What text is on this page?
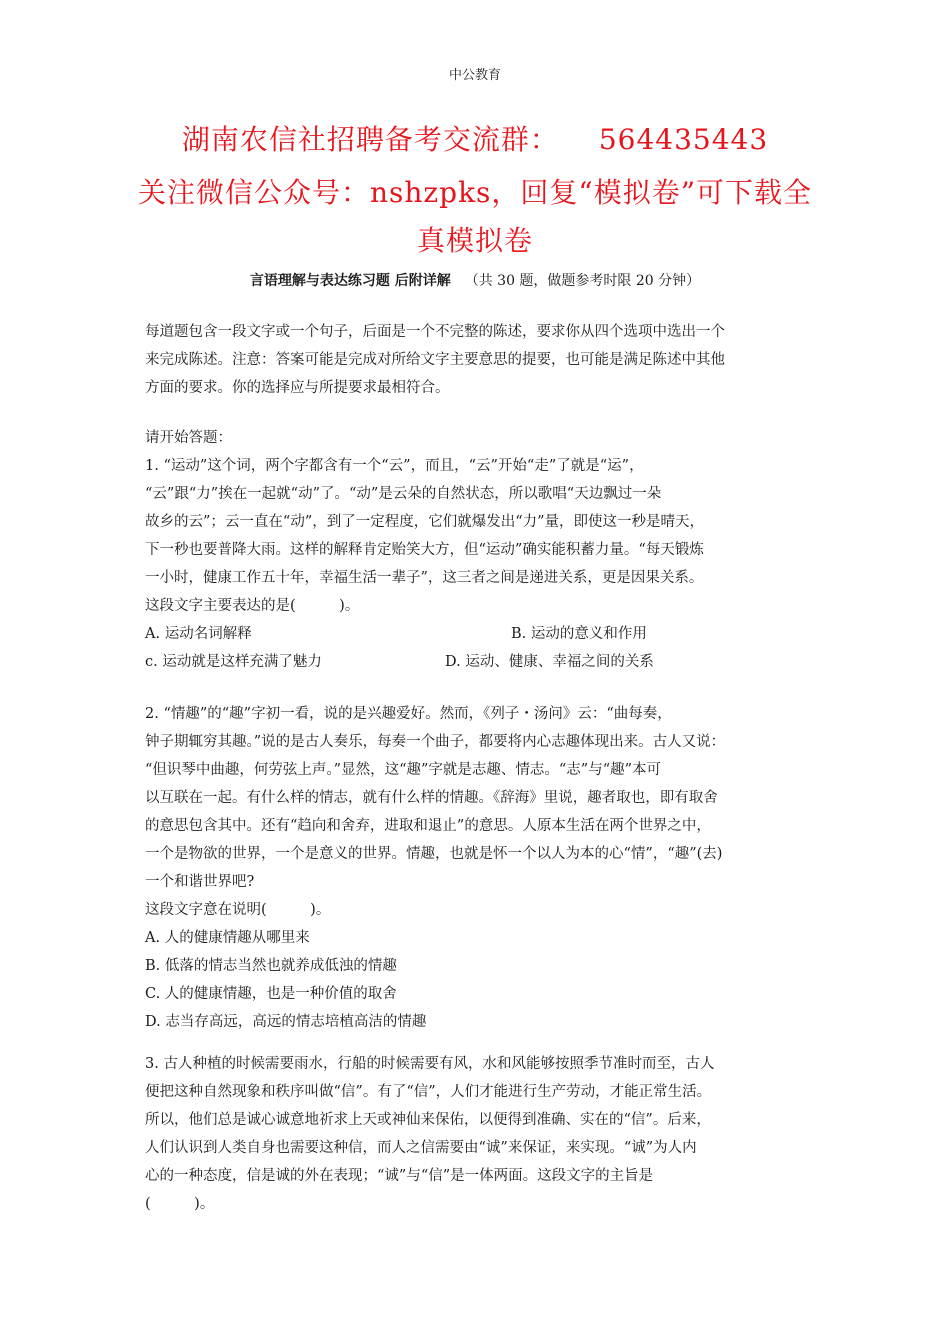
中公教育
湖南农信社招聘备考交流群： 564435443
关注微信公众号：nshzpks，回复“模拟卷”可下载全
真模拟卷
言语理解与表达练习题 后附详解 （共 30 题，做题参考时限 20 分钟）

每道题包含一段文字或一个句子，后面是一个不完整的陈述，要求你从四个选项中选出一个

来完成陈述。注意：答案可能是完成对所给文字主要意思的提要，也可能是满足陈述中其他

方面的要求。你的选择应与所提要求最相符合。

请开始答题：

1. “运动”这个词，两个字都含有一个“云”，而且，“云”开始“走”了就是“运”，

“云”跟“力”挨在一起就“动”了。“动”是云朵的自然状态，所以歌唱“天边飘过一朵

故乡的云”；云一直在“动”，到了一定程度，它们就爆发出“力”量，即使这一秒是晴天，

下一秒也要普降大雨。这样的解释肯定贻笑大方，但“运动”确实能积蓄力量。“每天锻炼

一小时，健康工作五十年，幸福生活一辈子”，这三者之间是递进关系，更是因果关系。

这段文字主要表达的是(　　　)。

A. 运动名词解释	B. 运动的意义和作用
c. 运动就是这样充满了魅力	D. 运动、健康、幸福之间的关系

2. “情趣”的“趣”字初一看，说的是兴趣爱好。然而，《列子・汤问》云：“曲每奏，

钟子期辄穷其趣。”说的是古人奏乐，每奏一个曲子，都要将内心志趣体现出来。古人又说：

“但识琴中曲趣，何劳弦上声。”显然，这“趣”字就是志趣、情志。“志”与“趣”本可

以互联在一起。有什么样的情志，就有什么样的情趣。《辞海》里说，趣者取也，即有取舍

的意思包含其中。还有“趋向和舍弃，进取和退止”的意思。人原本生活在两个世界之中，

一个是物欲的世界，一个是意义的世界。情趣，也就是怀一个以人为本的心“情”，“趣”(去)

一个和谐世界吧?

这段文字意在说明(　　　)。

A. 人的健康情趣从哪里来

B. 低落的情志当然也就养成低浊的情趣

C. 人的健康情趣，也是一种价值的取舍

D. 志当存高远，高远的情志培植高洁的情趣

3. 古人种植的时候需要雨水，行船的时候需要有风，水和风能够按照季节准时而至，古人

便把这种自然现象和秩序叫做“信”。有了“信”，人们才能进行生产劳动，才能正常生活。

所以，他们总是诚心诚意地祈求上天或神仙来保佑，以便得到准确、实在的“信”。后来，

人们认识到人类自身也需要这种信，而人之信需要由“诚”来保证，来实现。“诚”为人内

心的一种态度，信是诚的外在表现；“诚”与“信”是一体两面。这段文字的主旨是

(　　　)。
